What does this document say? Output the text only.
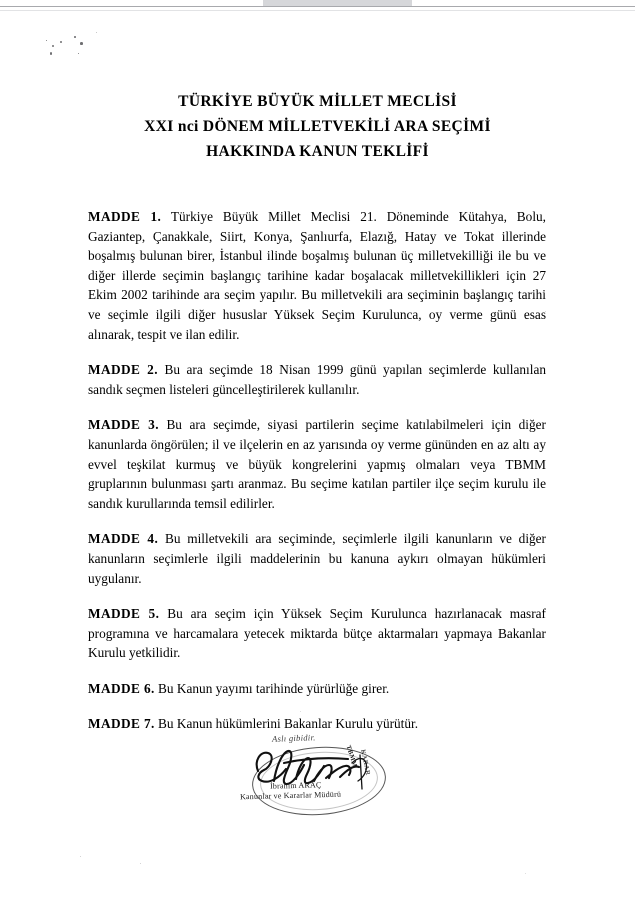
TÜRKİYE BÜYÜK MİLLET MECLİSİ
XXI nci DÖNEM MİLLETVEKİLİ ARA SEÇİMİ
HAKKINDA KANUN TEKLİFİ

MADDE 1. Türkiye Büyük Millet Meclisi 21. Döneminde Kütahya, Bolu, Gaziantep, Çanakkale, Siirt, Konya, Şanlıurfa, Elazığ, Hatay ve Tokat illerinde boşalmış bulunan birer, İstanbul ilinde boşalmış bulunan üç milletvekilliği ile bu ve diğer illerde seçimin başlangıç tarihine kadar boşalacak milletvekillikleri için 27 Ekim 2002 tarihinde ara seçim yapılır. Bu milletvekili ara seçiminin başlangıç tarihi ve seçimle ilgili diğer hususlar Yüksek Seçim Kurulunca, oy verme günü esas alınarak, tespit ve ilan edilir.

MADDE 2. Bu ara seçimde 18 Nisan 1999 günü yapılan seçimlerde kullanılan sandık seçmen listeleri güncelleştirilerek kullanılır.

MADDE 3. Bu ara seçimde, siyasi partilerin seçime katılabilmeleri için diğer kanunlarda öngörülen; il ve ilçelerin en az yarısında oy verme gününden en az altı ay evvel teşkilat kurmuş ve büyük kongrelerini yapmış olmaları veya TBMM gruplarının bulunması şartı aranmaz. Bu seçime katılan partiler ilçe seçim kurulu ile sandık kurullarında temsil edilirler.

MADDE 4. Bu milletvekili ara seçiminde, seçimlerle ilgili kanunların ve diğer kanunların seçimlerle ilgili maddelerinin bu kanuna aykırı olmayan hükümleri uygulanır.

MADDE 5. Bu ara seçim için Yüksek Seçim Kurulunca hazırlanacak masraf programına ve harcamalara yetecek miktarda bütçe aktarmaları yapmaya Bakanlar Kurulu yetkilidir.

MADDE 6. Bu Kanun yayımı tarihinde yürürlüğe girer.

MADDE 7. Bu Kanun hükümlerini Bakanlar Kurulu yürütür.

Aslı gibidir.
TBMM KARAR
İbrahim ARAÇ
Kanunlar ve Kararlar Müdürü
